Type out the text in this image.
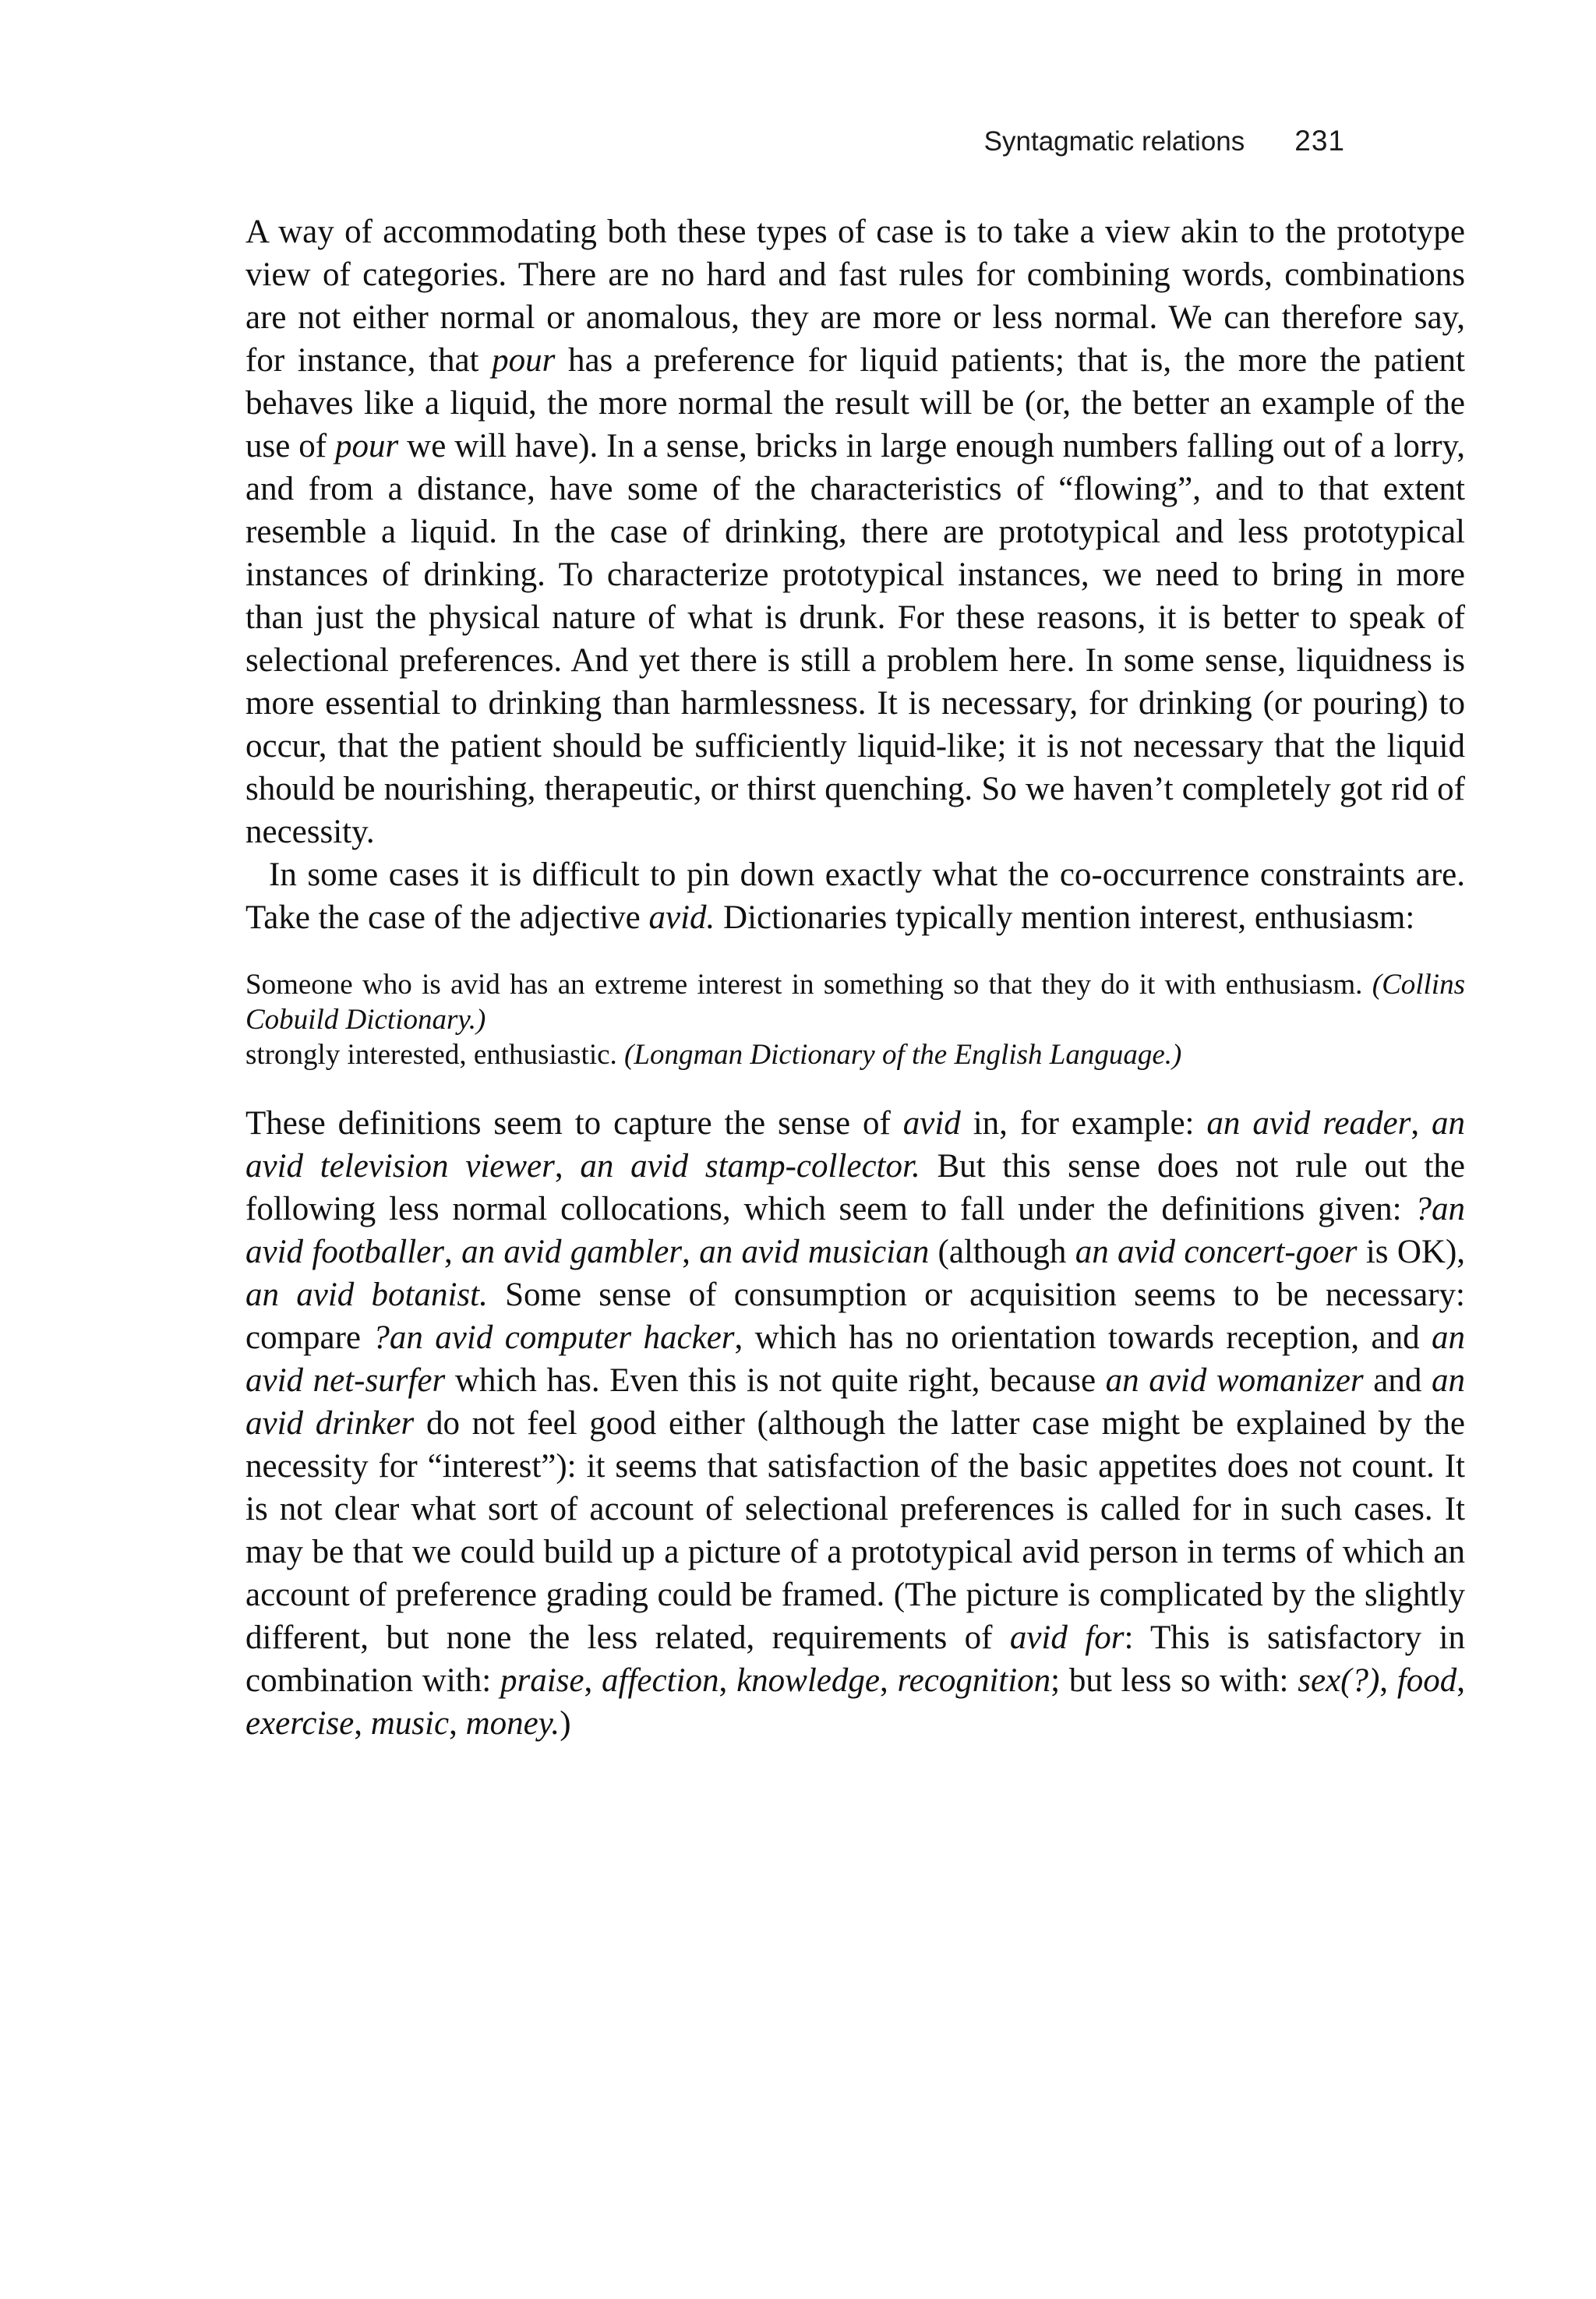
Syntagmatic relations 231

A way of accommodating both these types of case is to take a view akin to the prototype view of categories. There are no hard and fast rules for combining words, combinations are not either normal or anomalous, they are more or less normal. We can therefore say, for instance, that pour has a preference for liquid patients; that is, the more the patient behaves like a liquid, the more normal the result will be (or, the better an example of the use of pour we will have). In a sense, bricks in large enough numbers falling out of a lorry, and from a distance, have some of the characteristics of “flowing”, and to that extent resemble a liquid. In the case of drinking, there are prototypical and less prototypical instances of drinking. To characterize prototypical instances, we need to bring in more than just the physical nature of what is drunk. For these reasons, it is better to speak of selectional preferences. And yet there is still a problem here. In some sense, liquidness is more essential to drinking than harmlessness. It is necessary, for drinking (or pouring) to occur, that the patient should be sufficiently liquid-like; it is not necessary that the liquid should be nourishing, therapeutic, or thirst quenching. So we haven’t completely got rid of necessity.

In some cases it is difficult to pin down exactly what the co-occurrence constraints are. Take the case of the adjective avid. Dictionaries typically mention interest, enthusiasm:

Someone who is avid has an extreme interest in something so that they do it with enthusiasm. (Collins Cobuild Dictionary.)

strongly interested, enthusiastic. (Longman Dictionary of the English Language.)

These definitions seem to capture the sense of avid in, for example: an avid reader, an avid television viewer, an avid stamp-collector. But this sense does not rule out the following less normal collocations, which seem to fall under the definitions given: ?an avid footballer, an avid gambler, an avid musician (although an avid concert-goer is OK), an avid botanist. Some sense of consumption or acquisition seems to be necessary: compare ?an avid computer hacker, which has no orientation towards reception, and an avid net-surfer which has. Even this is not quite right, because an avid womanizer and an avid drinker do not feel good either (although the latter case might be explained by the necessity for “interest”): it seems that satisfaction of the basic appetites does not count. It is not clear what sort of account of selectional preferences is called for in such cases. It may be that we could build up a picture of a prototypical avid person in terms of which an account of preference grading could be framed. (The picture is complicated by the slightly different, but none the less related, requirements of avid for: This is satisfactory in combination with: praise, affection, knowledge, recognition; but less so with: sex(?), food, exercise, music, money.)
